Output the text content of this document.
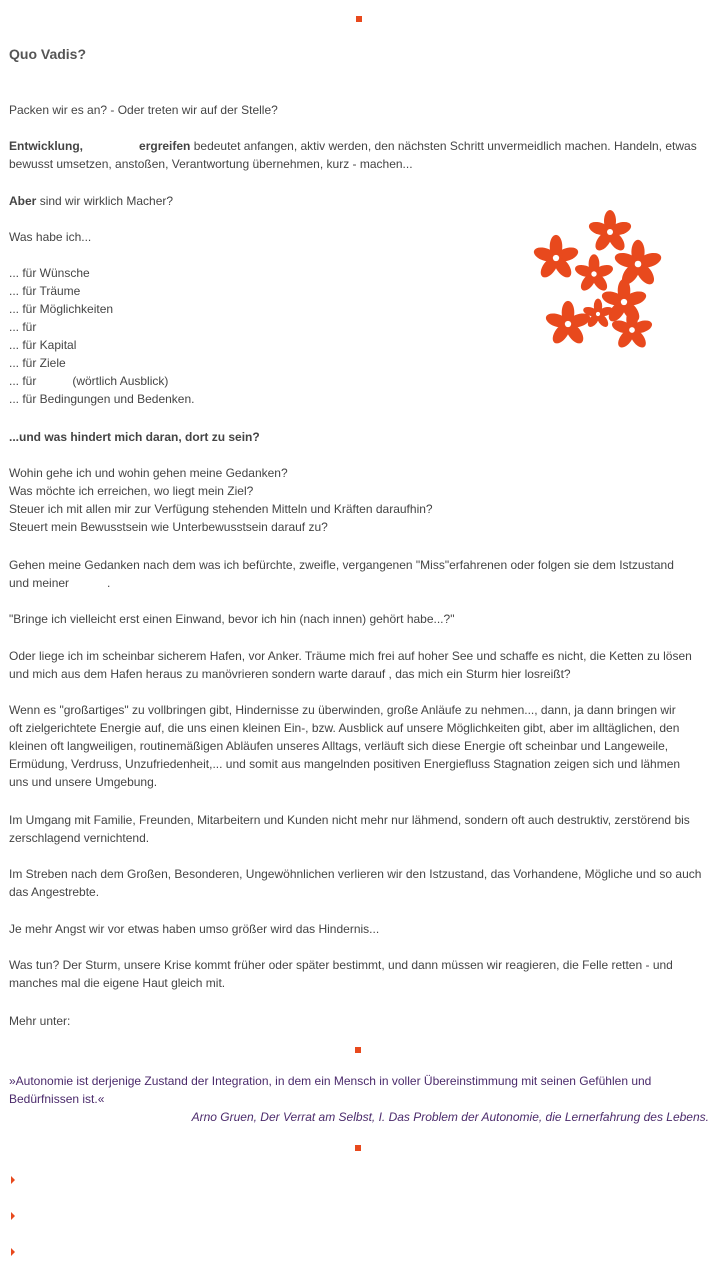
Quo Vadis?

Packen wir es an? - Oder treten wir auf der Stelle?

Entwicklung,	ergreifen bedeutet anfangen, aktiv werden, den nächsten Schritt unvermeidlich machen. Handeln, etwas
bewusst umsetzen, anstoßen, Verantwortung übernehmen, kurz - machen...

Aber sind wir wirklich Macher?

Was habe ich...

... für Wünsche
... für Träume
... für Möglichkeiten
... für
... für Kapital
... für Ziele
... für	(wörtlich Ausblick)
... für Bedingungen und Bedenken.

...und was hindert mich daran, dort zu sein?

Wohin gehe ich und wohin gehen meine Gedanken?
Was möchte ich erreichen, wo liegt mein Ziel?
Steuer ich mit allen mir zur Verfügung stehenden Mitteln und Kräften daraufhin?
Steuert mein Bewusstsein wie Unterbewusstsein darauf zu?
Gehen meine Gedanken nach dem was ich befürchte, zweifle, vergangenen "Miss"erfahrenen oder folgen sie dem Istzustand
und meiner	.

"Bringe ich vielleicht erst einen Einwand, bevor ich hin (nach innen) gehört habe...?"

Oder liege ich im scheinbar sicherem Hafen, vor Anker. Träume mich frei auf hoher See und schaffe es nicht, die Ketten zu lösen
und mich aus dem Hafen heraus zu manövrieren sondern warte darauf , das mich ein Sturm hier losreißt?
Wenn es "großartiges" zu vollbringen gibt, Hindernisse zu überwinden, große Anläufe zu nehmen..., dann, ja dann bringen wir
oft zielgerichtete Energie auf, die uns einen kleinen Ein-, bzw. Ausblick auf unsere Möglichkeiten gibt, aber im alltäglichen, den
kleinen oft langweiligen, routinemäßigen Abläufen unseres Alltags, verläuft sich diese Energie oft scheinbar und Langeweile,
Ermüdung, Verdruss, Unzufriedenheit,... und somit aus mangelnden positiven Energiefluss Stagnation zeigen sich und lähmen
uns und unsere Umgebung.
Im Umgang mit Familie, Freunden, Mitarbeitern und Kunden nicht mehr nur lähmend, sondern oft auch destruktiv, zerstörend bis
zerschlagend vernichtend.
Im Streben nach dem Großen, Besonderen, Ungewöhnlichen verlieren wir den Istzustand, das Vorhandene, Mögliche und so auch
das Angestrebte.

Je mehr Angst wir vor etwas haben umso größer wird das Hindernis...

Was tun? Der Sturm, unsere Krise kommt früher oder später bestimmt, und dann müssen wir reagieren, die Felle retten - und
manches mal die eigene Haut gleich mit.

Mehr unter:

»Autonomie ist derjenige Zustand der Integration, in dem ein Mensch in voller Übereinstimmung mit seinen Gefühlen und
Bedürfnissen ist.«
Arno Gruen, Der Verrat am Selbst, I. Das Problem der Autonomie, die Lernerfahrung des Lebens.
